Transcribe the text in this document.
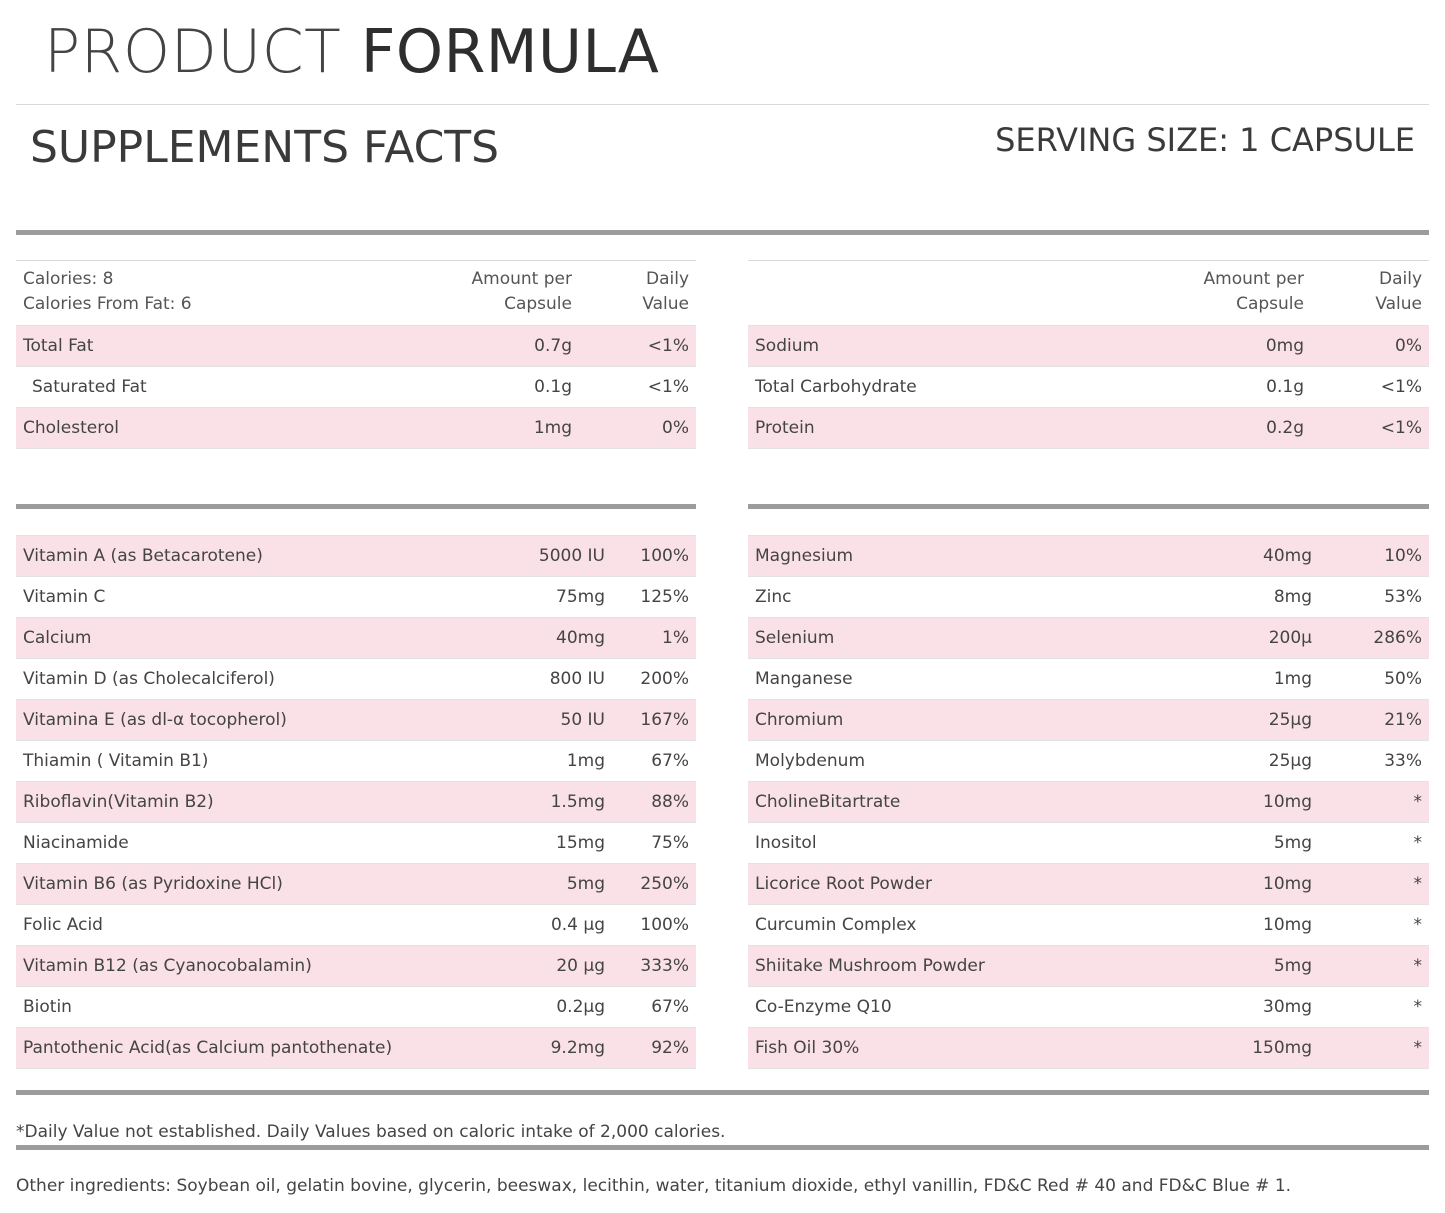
PRODUCT FORMULA
SUPPLEMENTS FACTS	SERVING SIZE: 1 CAPSULE
Calories: 8
Calories From Fat: 6
Amount per
Capsule
Daily
Value
Total Fat	0.7g	<1%
Saturated Fat	0.1g	<1%
Cholesterol	1mg	0%
Amount per
Capsule
Daily
Value
Sodium	0mg	0%
Total Carbohydrate	0.1g	<1%
Protein	0.2g	<1%
Vitamin A (as Betacarotene)	5000 IU 100%
Vitamin C	75mg 125%
Calcium	40mg	1%
Vitamin D (as Cholecalciferol)	800 IU 200%
Vitamina E (as dl-α tocopherol)	50 IU 167%
Thiamin ( Vitamin B1)	1mg	67%
Riboflavin(Vitamin B2)	1.5mg	88%
Niacinamide	15mg	75%
Vitamin B6 (as Pyridoxine HCl)	5mg 250%
Folic Acid	0.4 µg 100%
Vitamin B12 (as Cyanocobalamin)	20 µg 333%
Biotin	0.2µg	67%
Pantothenic Acid(as Calcium pantothenate)	9.2mg	92%
Magnesium	40mg	10%
Zinc	8mg	53%
Selenium	200µ	286%
Manganese	1mg	50%
Chromium	25µg	21%
Molybdenum	25µg	33%
CholineBitartrate	10mg	*
Inositol	5mg	*
Licorice Root Powder	10mg	*
Curcumin Complex	10mg	*
Shiitake Mushroom Powder	5mg	*
Co-Enzyme Q10	30mg	*
Fish Oil 30%	150mg	*
*Daily Value not established. Daily Values based on caloric intake of 2,000 calories.
Other ingredients: Soybean oil, gelatin bovine, glycerin, beeswax, lecithin, water, titanium dioxide, ethyl vanillin, FD&C Red # 40 and FD&C Blue # 1.
